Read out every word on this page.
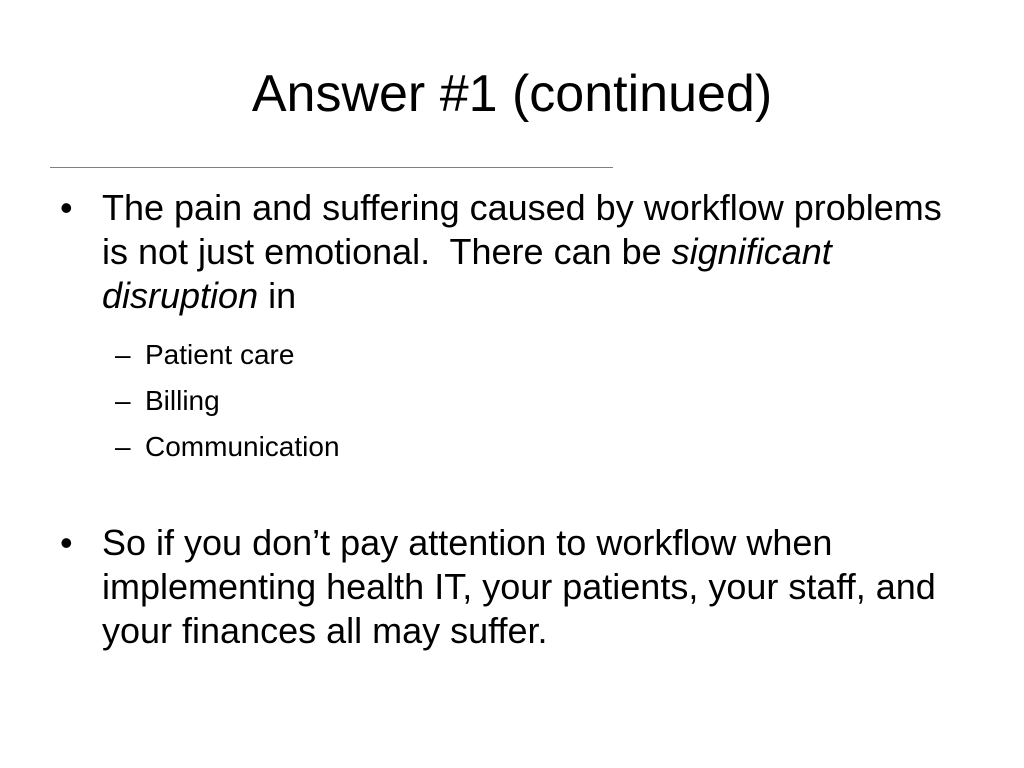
Answer #1 (continued)
• The pain and suffering caused by workflow problems is not just emotional.  There can be significant disruption in
– Patient care
– Billing
– Communication
• So if you don’t pay attention to workflow when implementing health IT, your patients, your staff, and your finances all may suffer.
